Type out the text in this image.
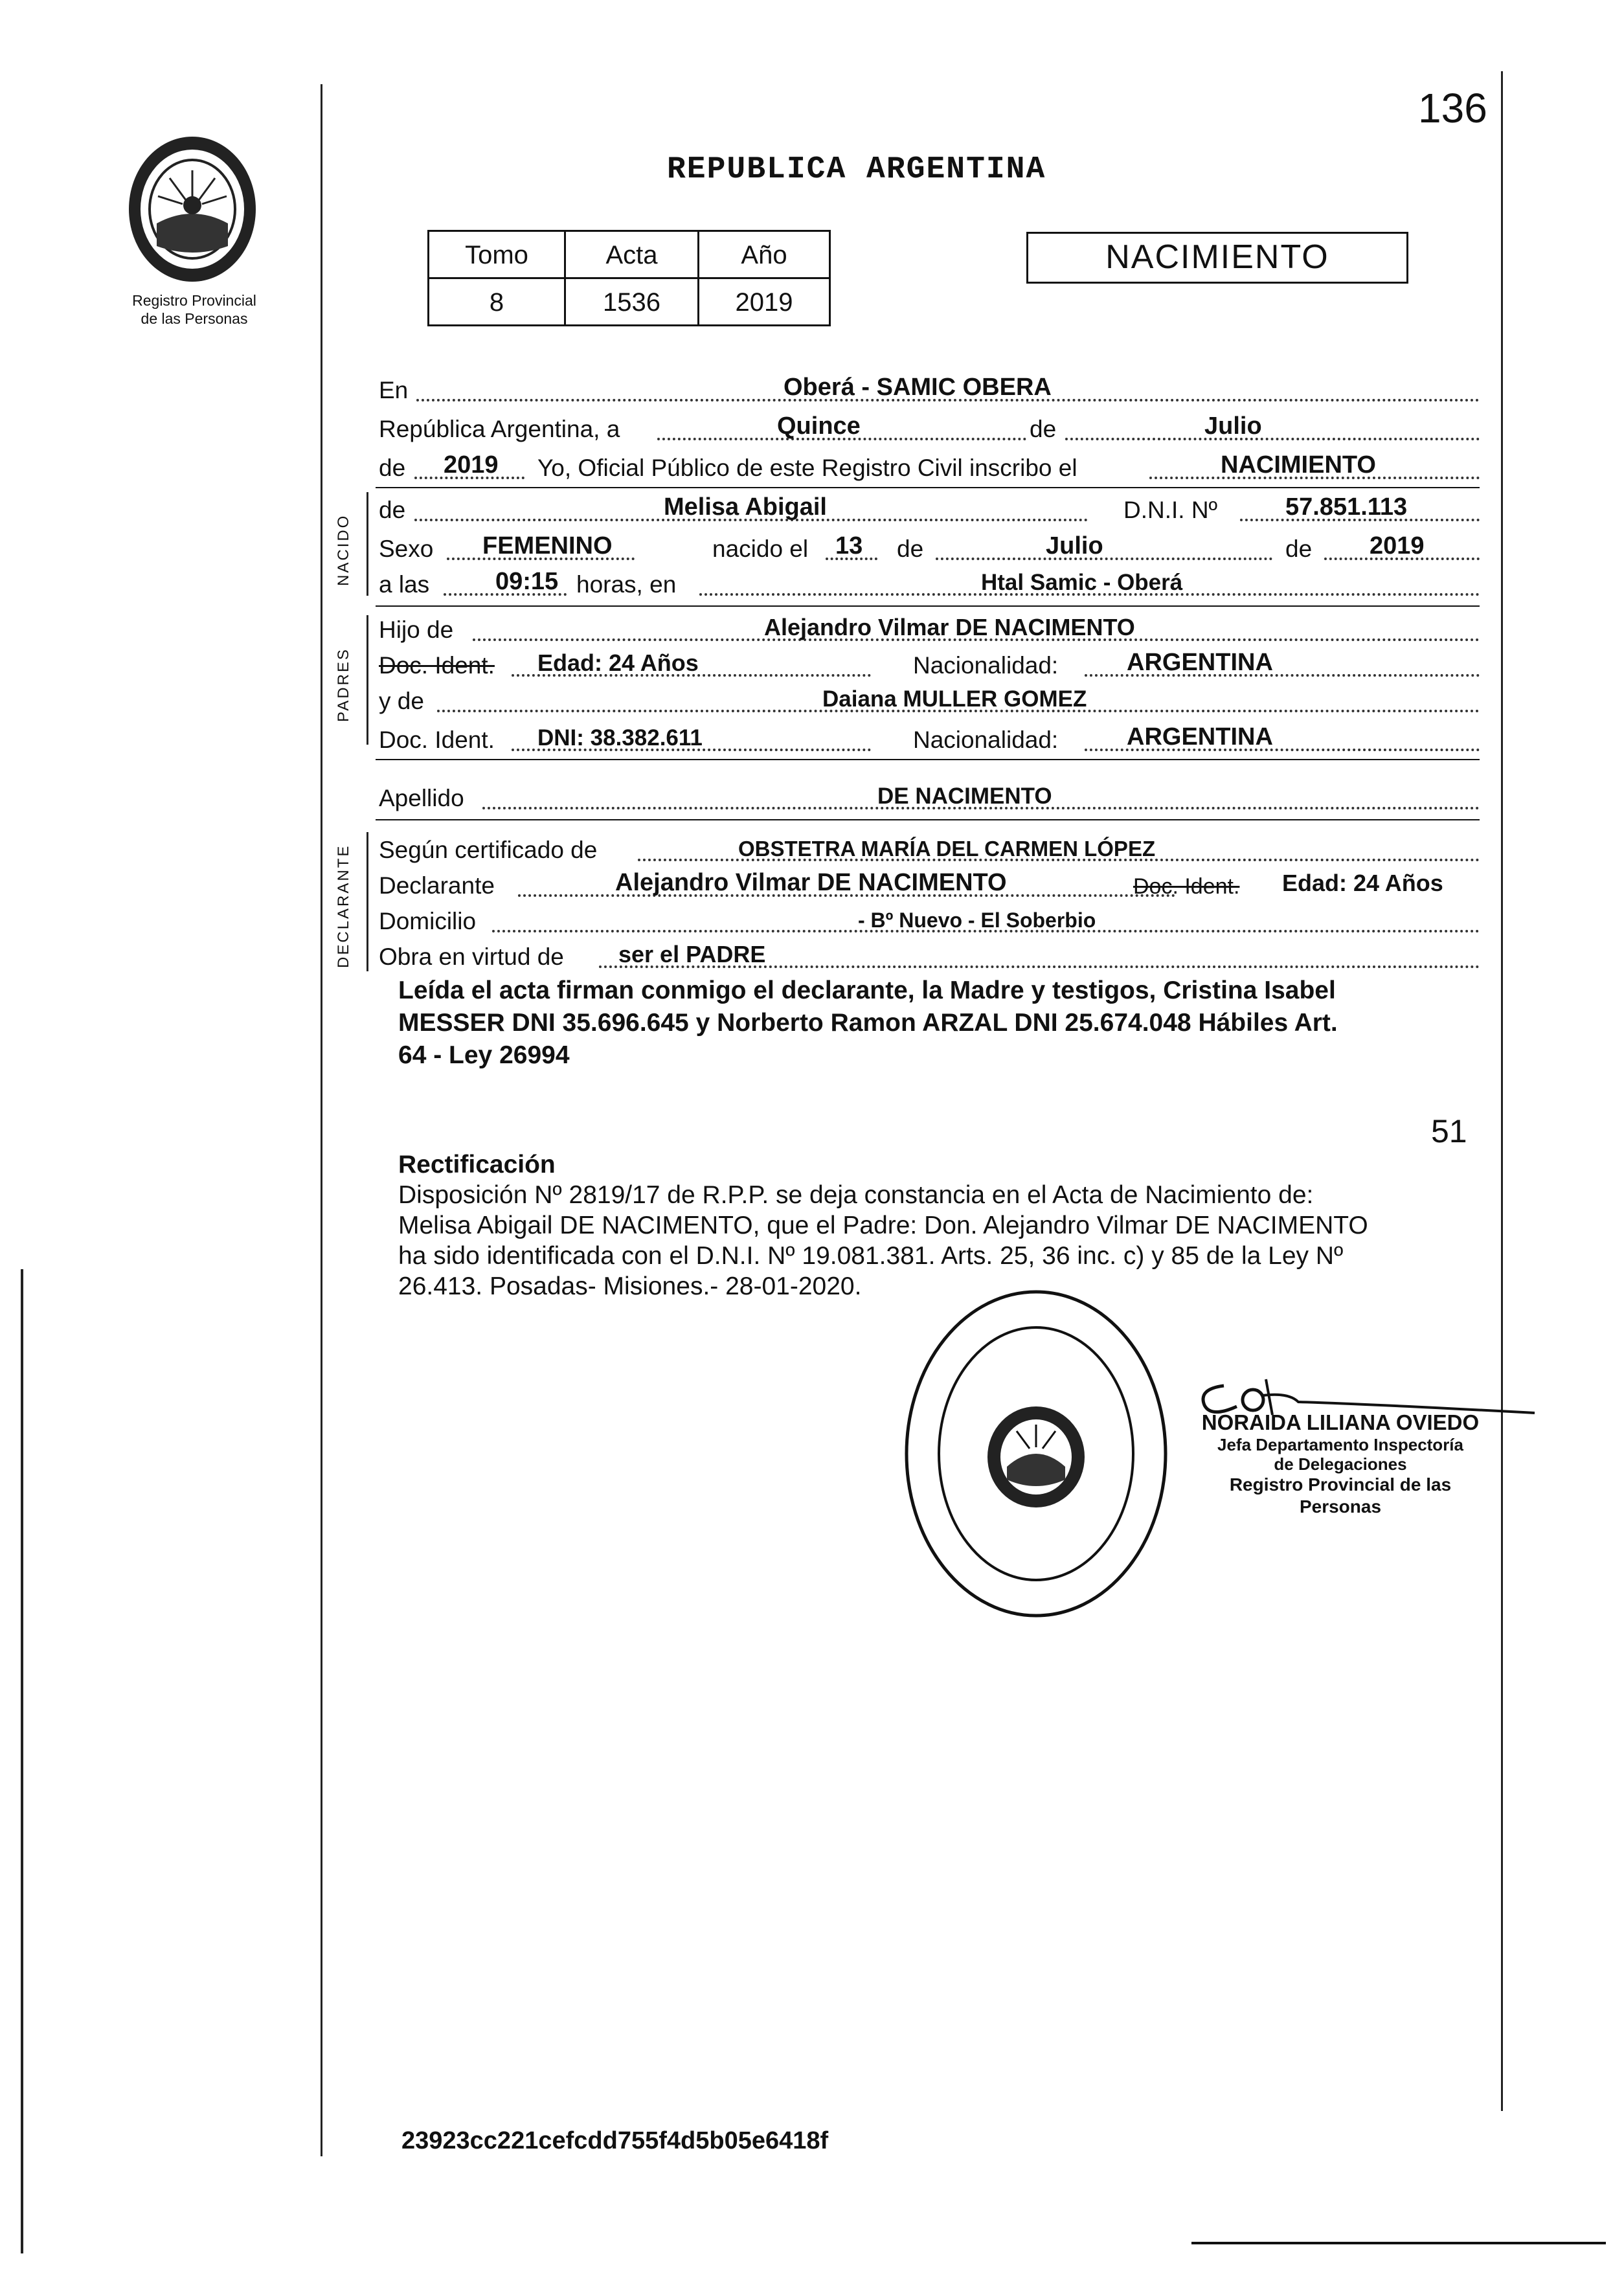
136
Registro Provincial
de las Personas
REPUBLICA ARGENTINA
Tomo	Acta	Año
8	1536	2019
NACIMIENTO
NACIDO
PADRES
DECLARANTE
En	Oberá - SAMIC OBERA
República Argentina, a	Quince	de	Julio
de 2019 Yo, Oficial Público de este Registro Civil inscribo el	NACIMIENTO
de	Melisa Abigail	D.N.I. Nº	57.851.113
Sexo FEMENINO	nacido el 13 de	Julio	de 2019
a las	09:15 horas, en	Htal Samic - Oberá
Hijo de	Alejandro Vilmar DE NACIMENTO
Doc. Ident. Edad: 24 Años	Nacionalidad:	ARGENTINA
y de	Daiana MULLER GOMEZ
Doc. Ident. DNI: 38.382.611	Nacionalidad:	ARGENTINA
Apellido	DE NACIMENTO
Según certificado de	OBSTETRA MARÍA DEL CARMEN LÓPEZ
Declarante	Alejandro Vilmar DE NACIMENTO	Doc. Ident. Edad: 24 Años
Domicilio	- Bº Nuevo - El Soberbio
Obra en virtud de ser el PADRE
Leída el acta firman conmigo el declarante, la Madre y testigos, Cristina Isabel
MESSER DNI 35.696.645 y Norberto Ramon ARZAL DNI 25.674.048 Hábiles Art.
64 - Ley 26994
51
Rectificación
Disposición Nº 2819/17 de R.P.P. se deja constancia en el Acta de Nacimiento de:
Melisa Abigail DE NACIMENTO, que el Padre: Don. Alejandro Vilmar DE NACIMENTO
ha sido identificada con el D.N.I. Nº 19.081.381. Arts. 25, 36 inc. c) y 85 de la Ley Nº
26.413. Posadas- Misiones.- 28-01-2020.
NORAIDA LILIANA OVIEDO
Jefa Departamento Inspectoría
de Delegaciones
Registro Provincial de las Personas
23923cc221cefcdd755f4d5b05e6418f
